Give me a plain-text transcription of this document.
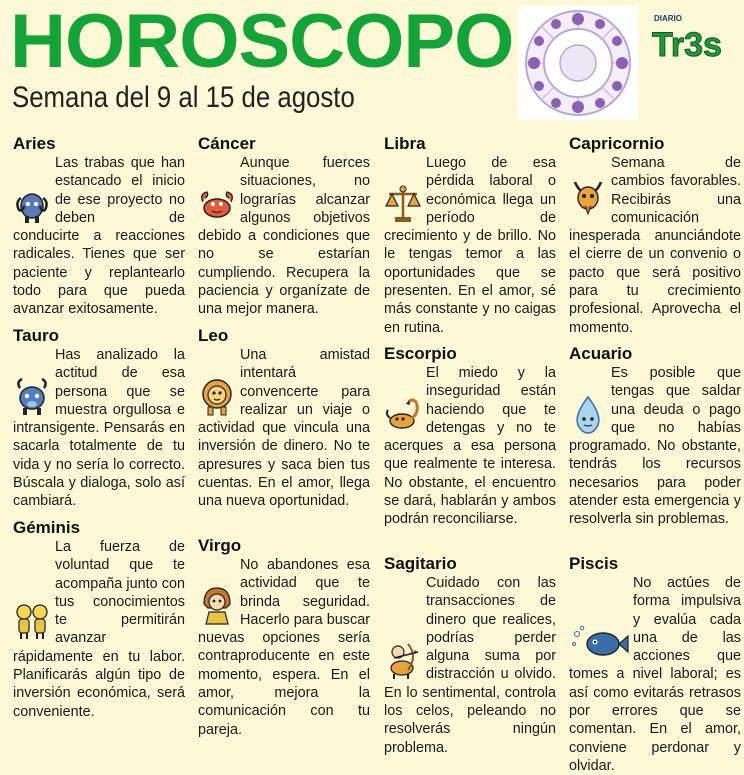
HOROSCOPO
Semana del 9 al 15 de agosto
DIARIO
Tr3s
Aries

Las trabas que han estancado el inicio de ese proyecto no deben de conducirte a reacciones radicales. Tienes que ser paciente y replantearlo todo para que pueda avanzar exitosamente.

Tauro

Has analizado la actitud de esa persona que se muestra orgullosa e intransigente. Pensarás en sacarla totalmente de tu vida y no sería lo correcto. Búscala y dialoga, solo así cambiará.

Géminis

La fuerza de voluntad que te acompaña junto con tus conocimientos te permitirán avanzar rápidamente en tu labor. Planificarás algún tipo de inversión económica, será conveniente.

Cáncer

Aunque fuerces situaciones, no lograrías alcanzar algunos objetivos debido a condiciones que no se estarían cumpliendo. Recupera la paciencia y organízate de una mejor manera.

Leo

Una amistad intentará convencerte para realizar un viaje o actividad que vincula una inversión de dinero. No te apresures y saca bien tus cuentas. En el amor, llega una nueva oportunidad.

Virgo

No abandones esa actividad que te brinda seguridad. Hacerlo para buscar nuevas opciones sería contraproducente en este momento, espera. En el amor, mejora la comunicación con tu pareja.

Libra

Luego de esa pérdida laboral o económica llega un período de crecimiento y de brillo. No le tengas temor a las oportunidades que se presenten. En el amor, sé más constante y no caigas en rutina.

Escorpio

El miedo y la inseguridad están haciendo que te detengas y no te acerques a esa persona que realmente te interesa. No obstante, el encuentro se dará, hablarán y ambos podrán reconciliarse.

Sagitario

Cuidado con las transacciones de dinero que realices, podrías perder alguna suma por distracción u olvido. En lo sentimental, controla los celos, peleando no resolverás ningún problema.

Capricornio

Semana de cambios favorables. Recibirás una comunicación inesperada anunciándote el cierre de un convenio o pacto que será positivo para tu crecimiento profesional. Aprovecha el momento.

Acuario

Es posible que tengas que saldar una deuda o pago que no habías programado. No obstante, tendrás los recursos necesarios para poder atender esta emergencia y resolverla sin problemas.

Piscis

No actúes de forma impulsiva y evalúa cada una de las acciones que tomes a nivel laboral; es así como evitarás retrasos por errores que se comentan. En el amor, conviene perdonar y olvidar.
